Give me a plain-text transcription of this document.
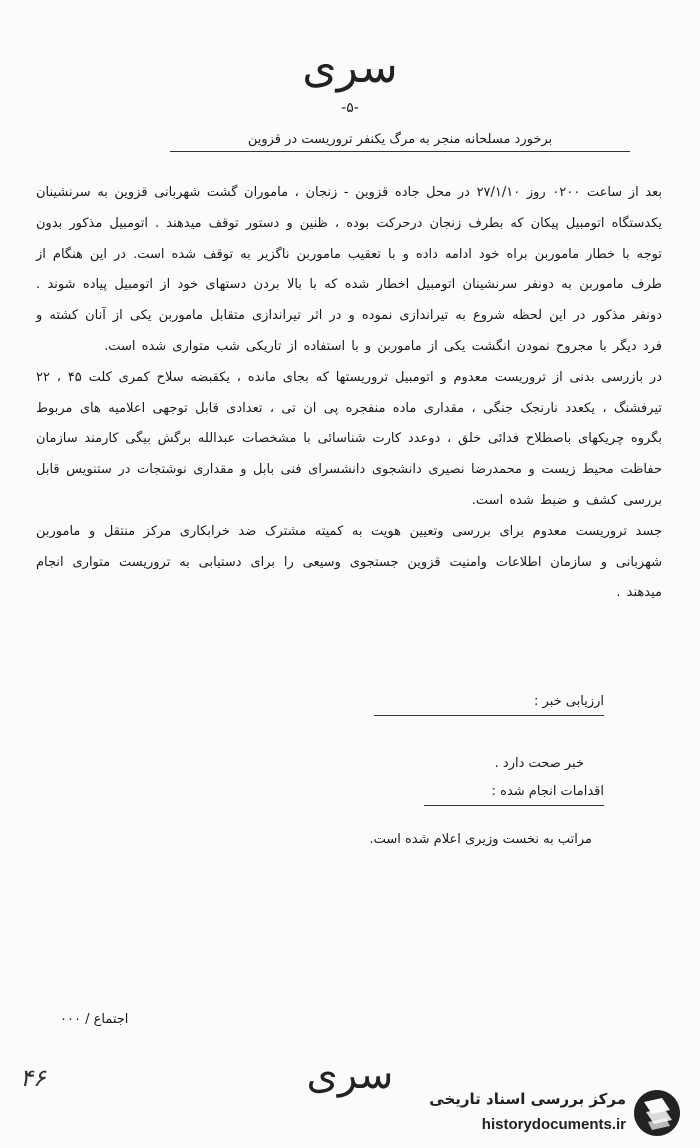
سری
-۵-
برخورد مسلحانه منجر به مرگ یکنفر تروریست در قزوین

بعد از ساعت ۰۲۰۰ روز ۲۷/۱/۱۰ در محل جاده قزوین - زنجان ، ماموران گشت شهربانی قزوین به سرنشینان یکدستگاه اتومبیل پیکان که بطرف زنجان درحرکت بوده ، ظنین و دستور توقف میدهند . اتومبیل مذکور بدون توجه با خطار ماموربن براه خود ادامه داده و با تعقیب ماموربن ناگزیر به توقف شده است. در این هنگام از طرف ماموربن به دونفر سرنشینان اتومبیل اخطار شده که با بالا بردن دستهای خود از اتومبیل پیاده شوند . دونفر مذکور در این لحظه شروع به تیراندازی نموده و در اثر تیراندازی متقابل ماموربن یکی از آنان کشته و فرد دیگر با مجروح نمودن انگشت یکی از ماموربن و با استفاده از تاریکی شب متواری شده است.

در بازرسی بدنی از تروریست معدوم و اتومبیل تروریستها که بجای مانده ، یکقبضه سلاح کمری کلت ۴۵ ، ۲۲ تیرفشنگ ، یکعدد نارنجک جنگی ، مقداری ماده منفجره پی ان تی ، تعدادی قابل توجهی اعلامیه های مربوط بگروه چریکهای باصطلاح فدائی خلق ، دوعدد کارت شناسائی با مشخصات عبدالله برگش بیگی کارمند سازمان حفاظت محیط زیست و محمدرضا نصیری دانشجوی دانشسرای فنی بابل و مقداری نوشتجات در ستنویس قابل بررسی کشف و ضبط شده است.

جسد تروریست معدوم برای بررسی وتعیین هویت به کمیته مشترک ضد خرابکاری مرکز منتقل و ماموربن شهربانی و سازمان اطلاعات وامنیت قزوین جستجوی وسیعی را برای دستیابی به تروریست متواری انجام میدهند .

ارزیابی خبر :
خبر صحت دارد .
اقدامات انجام شده :
مراتب به نخست وزیری اعلام شده است.
اجتماع / ۰۰۰
۴۶	سری
مرکز بررسی اسناد تاریخی
historydocuments.ir
